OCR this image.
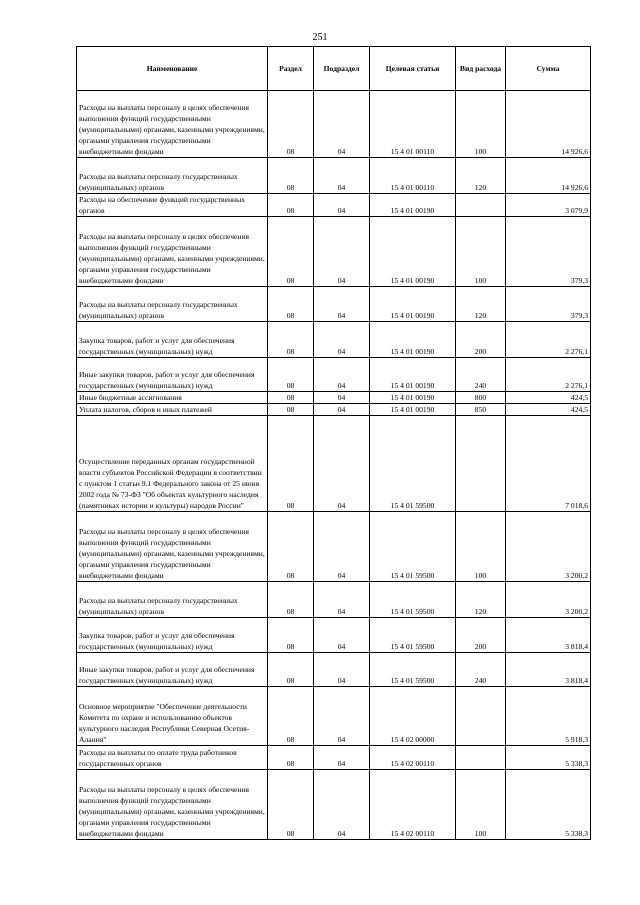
251
Наименование	Раздел	Подраздел	Целевая статья	Вид расхода	Сумма
Расходы на выплаты персоналу в целях обеспечения выполнения функций государственными (муниципальными) органами, казенными учреждениями, органами управления государственными внебюджетными фондами	08	04	15 4 01 00110	100	14 926,6
Расходы на выплаты персоналу государственных (муниципальных) органов	08	04	15 4 01 00110	120	14 926,6
Расходы на обеспечение функций государственных органов	08	04	15 4 01 00190		3 079,9
Расходы на выплаты персоналу в целях обеспечения выполнения функций государственными (муниципальными) органами, казенными учреждениями, органами управления государственными внебюджетными фондами	08	04	15 4 01 00190	100	379,3
Расходы на выплаты персоналу государственных (муниципальных) органов	08	04	15 4 01 00190	120	379,3
Закупка товаров, работ и услуг для обеспечения государственных (муниципальных) нужд	08	04	15 4 01 00190	200	2 276,1
Иные закупки товаров, работ и услуг для обеспечения государственных (муниципальных) нужд	08	04	15 4 01 00190	240	2 276,1
Иные бюджетные ассигнования	08	04	15 4 01 00190	800	424,5
Уплата налогов, сборов и иных платежей	08	04	15 4 01 00190	850	424,5
Осуществление переданных органам государственной власти субъектов Российской Федерации в соответствии с пунктом 1 статьи 9.1 Федерального закона от 25 июня 2002 года № 73-ФЗ "Об объектах культурного наследия (памятниках истории и культуры) народов России"	08	04	15 4 01 59500		7 018,6
Расходы на выплаты персоналу в целях обеспечения выполнения функций государственными (муниципальными) органами, казенными учреждениями, органами управления государственными внебюджетными фондами	08	04	15 4 01 59500	100	3 200,2
Расходы на выплаты персоналу государственных (муниципальных) органов	08	04	15 4 01 59500	120	3 200,2
Закупка товаров, работ и услуг для обеспечения государственных (муниципальных) нужд	08	04	15 4 01 59500	200	3 818,4
Иные закупки товаров, работ и услуг для обеспечения государственных (муниципальных) нужд	08	04	15 4 01 59500	240	3 818,4
Основное мероприятие "Обеспечение деятельности Комитета по охране и использованию объектов культурного наследия Республики Северная Осетия-Алания"	08	04	15 4 02 00000		5 918,3
Расходы на выплаты по оплате труда работников государственных органов	08	04	15 4 02 00110		5 338,3
Расходы на выплаты персоналу в целях обеспечения выполнения функций государственными (муниципальными) органами, казенными учреждениями, органами управления государственными внебюджетными фондами	08	04	15 4 02 00110	100	5 338,3
